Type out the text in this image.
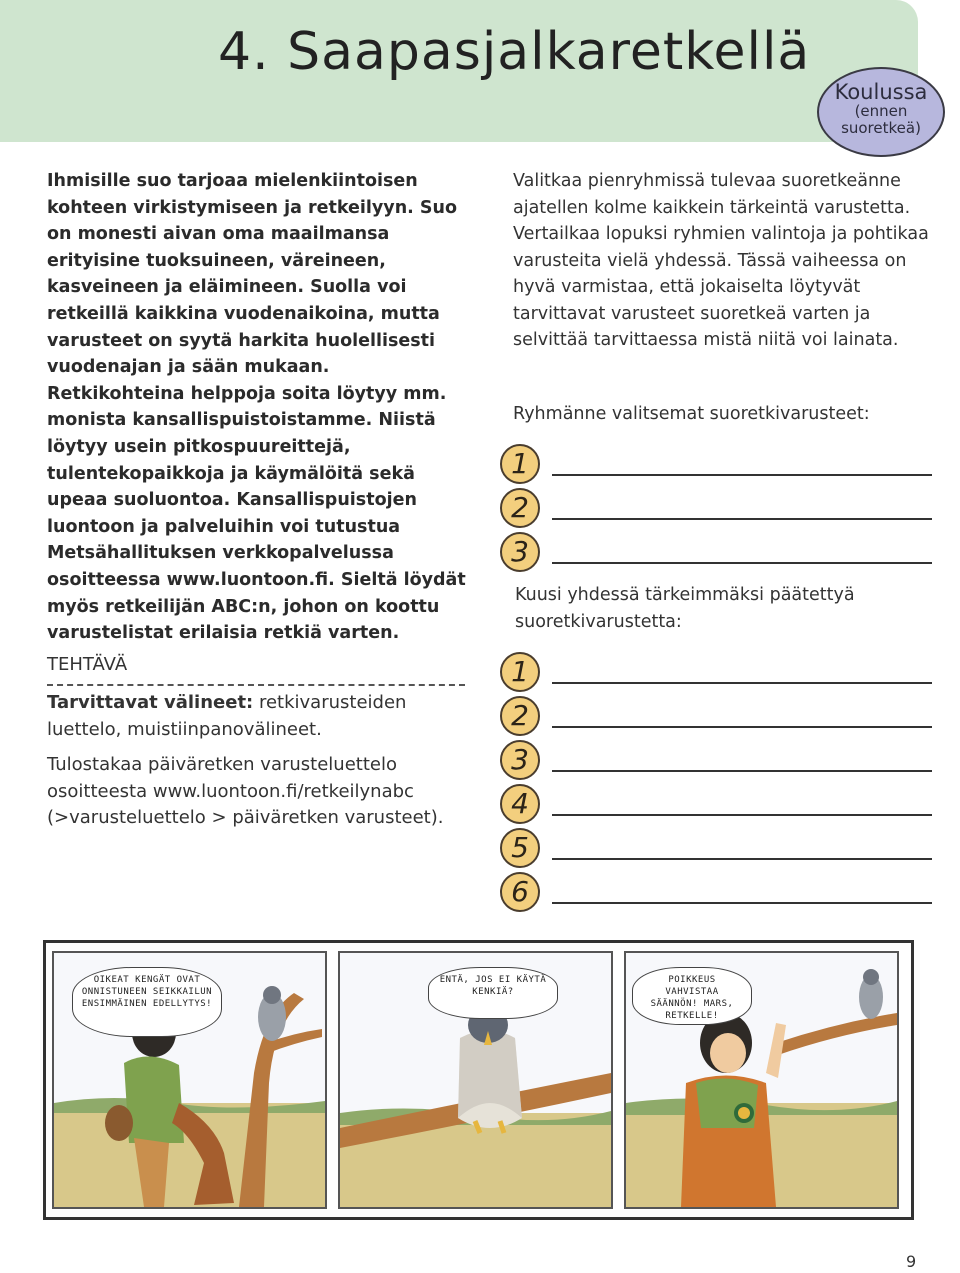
4. Saapasjalkaretkellä
Koulussa
(ennen
suoretkeä)

Ihmisille suo tarjoaa mielenkiintoisen kohteen virkistymiseen ja retkeilyyn. Suo on monesti aivan oma maailmansa erityisine tuoksuineen, väreineen, kasveineen ja eläimineen. Suolla voi retkeillä kaikkina vuodenaikoina, mutta varusteet on syytä harkita huolellisesti vuodenajan ja sään mukaan. Retkikohteina helppoja soita löytyy mm. monista kansallispuistoistamme. Niistä löytyy usein pitkospuureittejä, tulentekopaikkoja ja käymälöitä sekä upeaa suoluontoa. Kansallispuistojen luontoon ja palveluihin voi tutustua Metsähallituksen verkkopalvelussa osoitteessa www.luontoon.fi. Sieltä löydät myös retkeilijän ABC:n, johon on koottu varustelistat erilaisia retkiä varten.

TEHTÄVÄ

Tarvittavat välineet: retkivarusteiden luettelo, muistiinpanovälineet.

Tulostakaa päiväretken varusteluettelo osoitteesta www.luontoon.fi/retkeilynabc (>varusteluettelo > päiväretken varusteet).

Valitkaa pienryhmissä tulevaa suoretkeänne ajatellen kolme kaikkein tärkeintä varustetta. Vertailkaa lopuksi ryhmien valintoja ja pohtikaa varusteita vielä yhdessä. Tässä vaiheessa on hyvä varmistaa, että jokaiselta löytyvät tarvittavat varusteet suoretkeä varten ja selvittää tarvittaessa mistä niitä voi lainata.

Ryhmänne valitsemat suoretkivarusteet:

1
2
3

Kuusi yhdessä tärkeimmäksi päätettyä suoretkivarustetta:

1
2
3
4
5
6
OIKEAT KENGÄT OVAT ONNISTUNEEN SEIKKAILUN ENSIMMÄINEN EDELLYTYS!
ENTÄ, JOS EI KÄYTÄ KENKIÄ?
POIKKEUS VAHVISTAA SÄÄNNÖN! MARS, RETKELLE!
9
